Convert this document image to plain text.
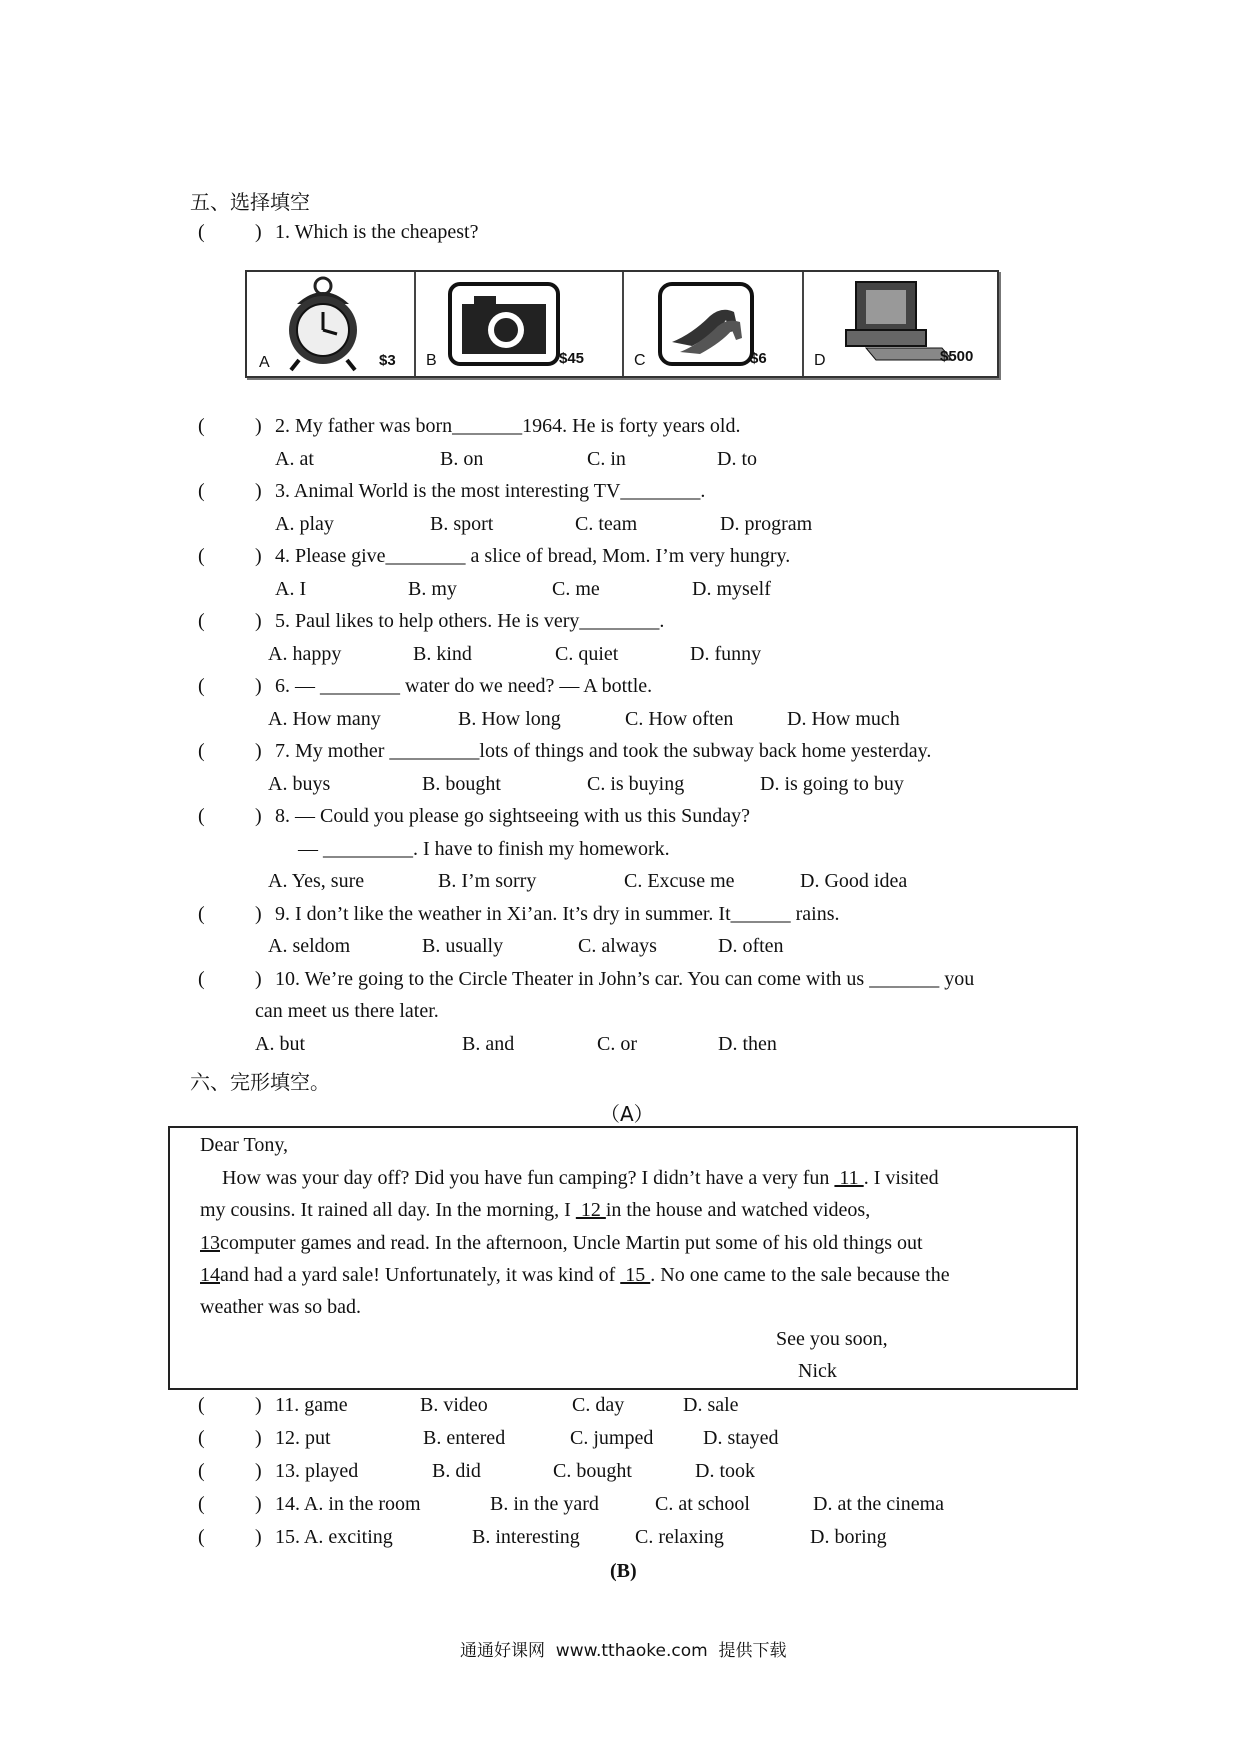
五、选择填空
(	) 1. Which is the cheapest?
A	$3 B	$45	C	$6	D	$500
(	) 2. My father was born_______1964. He is forty years old.
A. at	B. on	C. in	D. to
(	) 3. Animal World is the most interesting TV________.
A. play	B. sport	C. team	D. program
(	) 4. Please give________ a slice of bread, Mom. I’m very hungry.
A. I	B. my	C. me	D. myself
(	) 5. Paul likes to help others. He is very________.
A. happy	B. kind	C. quiet	D. funny
(	) 6. — ________ water do we need? — A bottle.
A. How many	B. How long	C. How often	D. How much
(	) 7. My mother _________lots of things and took the subway back home yesterday.
A. buys	B. bought	C. is buying	D. is going to buy
(	) 8. — Could you please go sightseeing with us this Sunday?
— _________. I have to finish my homework.
A. Yes, sure	B. I’m sorry	C. Excuse me	D. Good idea
(	) 9. I don’t like the weather in Xi’an. It’s dry in summer. It______ rains.
A. seldom	B. usually	C. always	D. often
(	) 10. We’re going to the Circle Theater in John’s car. You can come with us _______ you
can meet us there later.
A. but	B. and	C. or	D. then
六、完形填空。
（A）
Dear Tony,
How was your day off? Did you have fun camping? I didn’t have a very fun  11 . I visited
my cousins. It rained all day. In the morning, I  12 in the house and watched videos,
13computer games and read. In the afternoon, Uncle Martin put some of his old things out
14and had a yard sale! Unfortunately, it was kind of  15 . No one came to the sale because the
weather was so bad.
See you soon,
Nick
(	) 11. game	B. video	C. day	D. sale
(	) 12. put	B. entered	C. jumped D. stayed
(	) 13. played	B. did	C. bought	D. took
(	) 14. A. in the room	B. in the yard	C. at school	D. at the cinema
(	) 15. A. exciting	B. interesting	C. relaxing	D. boring
(B)
通通好课网  www.tthaoke.com  提供下载
